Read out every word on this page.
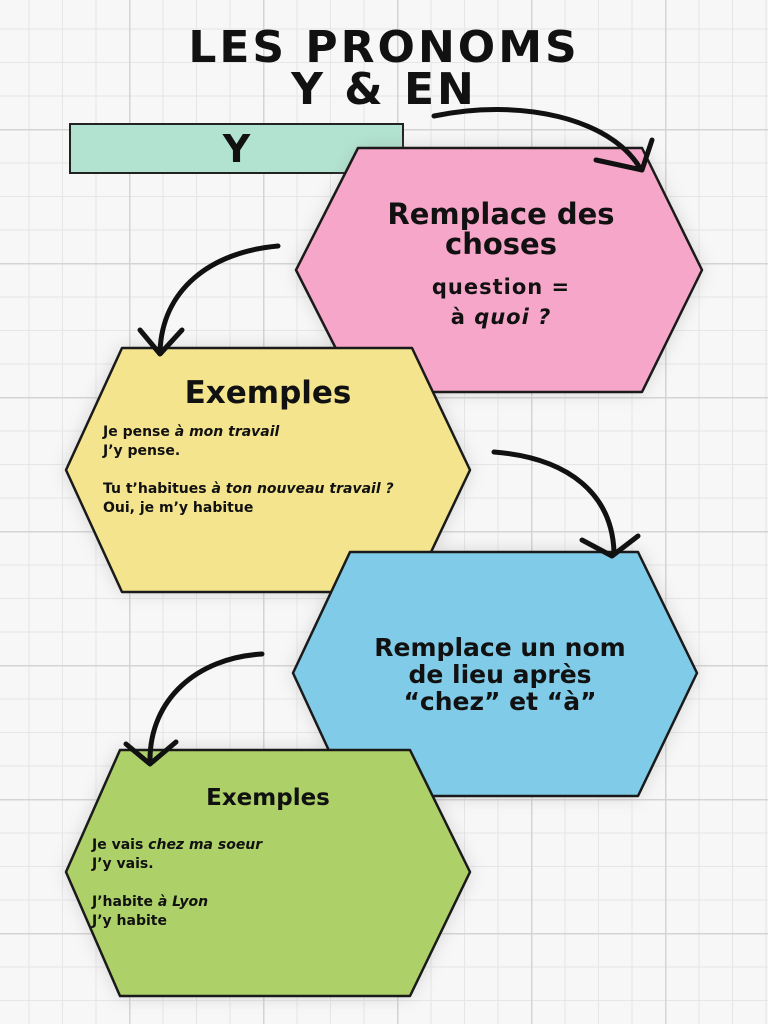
LES PRONOMS
Y & EN
Y
Remplace des choses
question =
à quoi ?
Exemples

Je pense à mon travail

J’y pense.

Tu t’habitues à ton nouveau travail ?

Oui, je m’y habitue

Remplace un nom
de lieu après
“chez” et “à”
Exemples

Je vais chez ma soeur

J’y vais.

J’habite à Lyon

J’y habite
